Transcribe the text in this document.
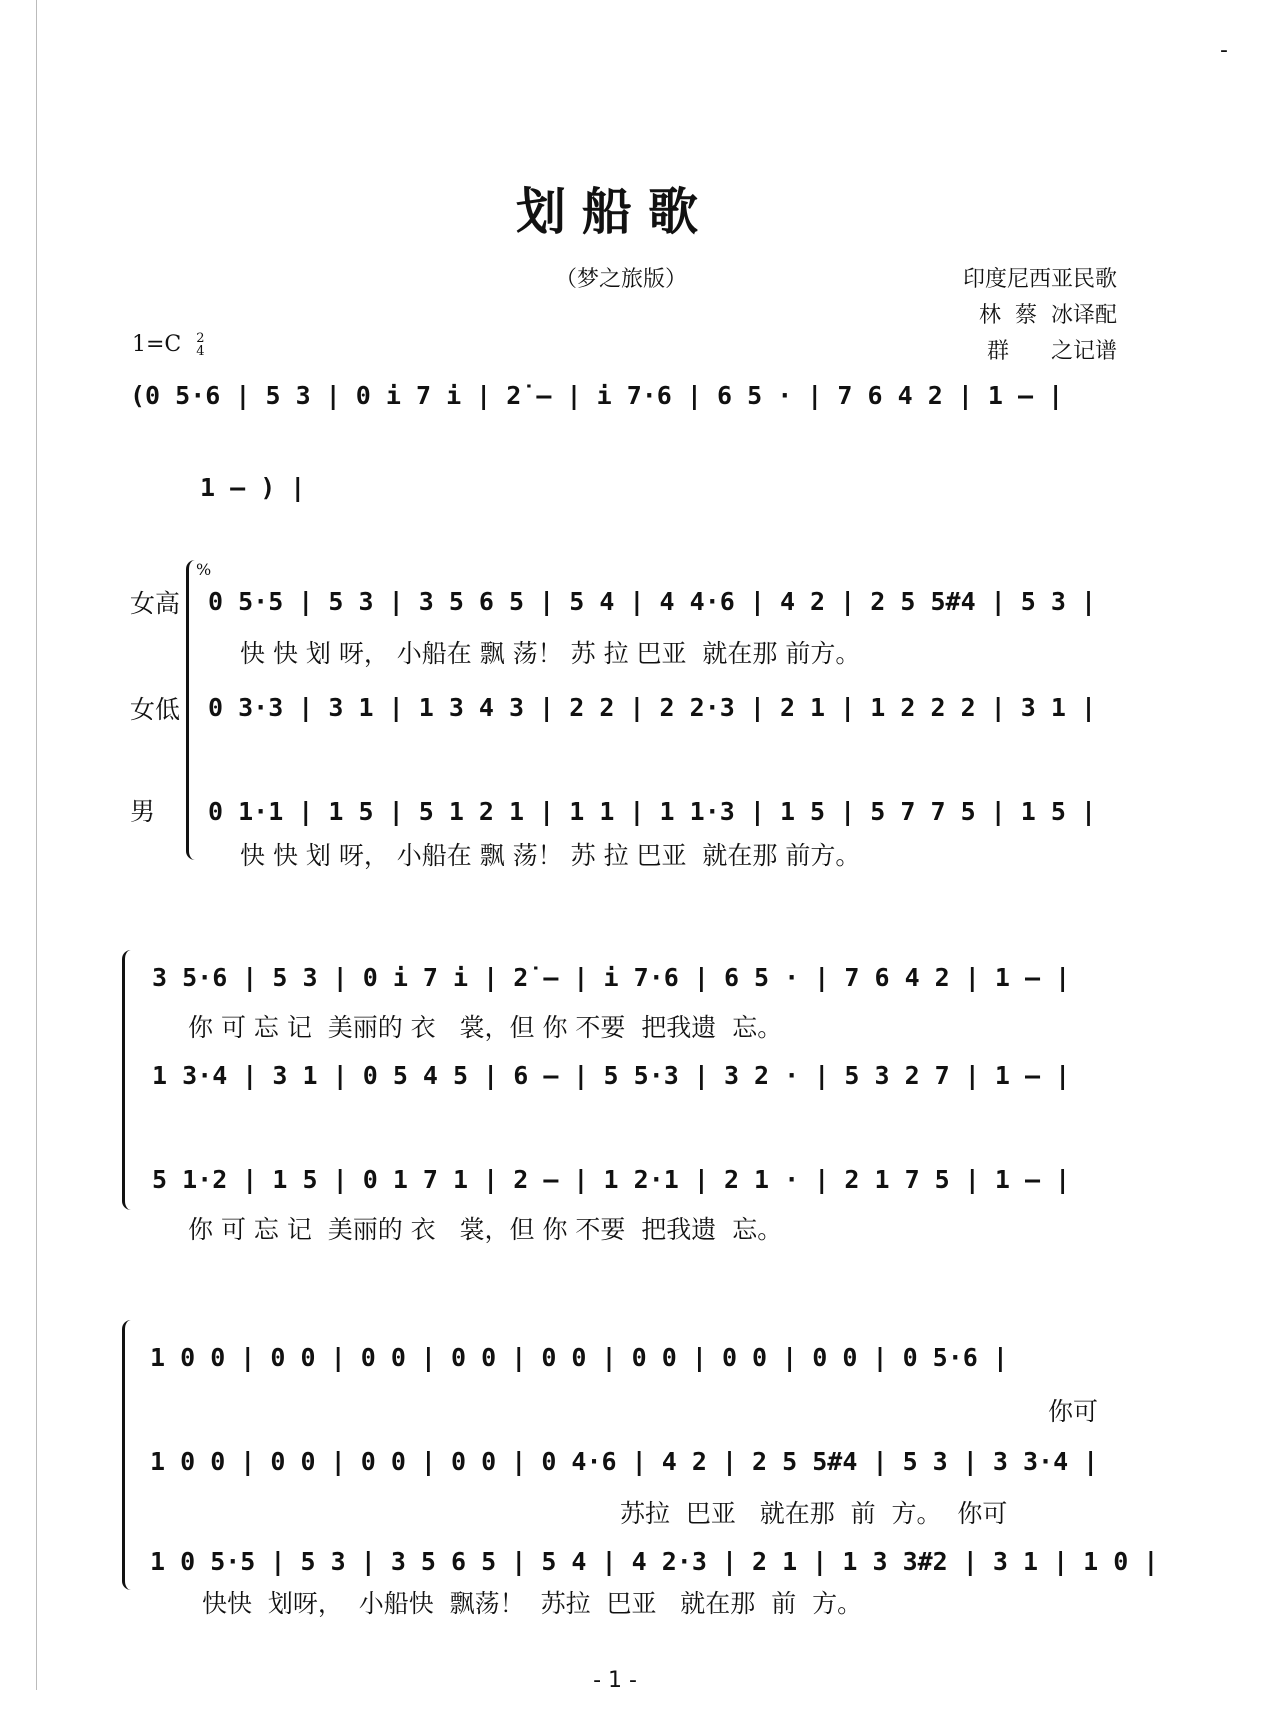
-
划船歌
（梦之旅版）	印度尼西亚民歌
林  蔡  冰译配
群      之记谱
1=C 2
4

(0 5·6 | 5 3 | 0 i 7 i | 2̇ – | i 7·6 | 6 5 · | 7 6 4 2 | 1 – |

1 – ) |

%
女高

0 5·5 | 5 3 | 3 5 6 5 | 5 4 | 4 4·6 | 4 2 | 2 5 5#4 | 5 3 |

快 快 划 呀， 小船在 飘 荡！ 苏 拉 巴亚  就在那 前方。

女低

0 3·3 | 3 1 | 1 3 4 3 | 2 2 | 2 2·3 | 2 1 | 1 2 2 2 | 3 1 |

男

0 1·1 | 1 5 | 5 1 2 1 | 1 1 | 1 1·3 | 1 5 | 5 7 7 5 | 1 5 |

快 快 划 呀， 小船在 飘 荡！ 苏 拉 巴亚  就在那 前方。

3 5·6 | 5 3 | 0 i 7 i | 2̇ – | i 7·6 | 6 5 · | 7 6 4 2 | 1 – |

你 可 忘 记  美丽的 衣   裳，但 你 不要  把我遗  忘。

1 3·4 | 3 1 | 0 5 4 5 | 6 – | 5 5·3 | 3 2 · | 5 3 2 7 | 1 – |

5 1·2 | 1 5 | 0 1 7 1 | 2 – | 1 2·1 | 2 1 · | 2 1 7 5 | 1 – |

你 可 忘 记  美丽的 衣   裳，但 你 不要  把我遗  忘。

1 0 0 | 0 0 | 0 0 | 0 0 | 0 0 | 0 0 | 0 0 | 0 0 | 0 5·6 |

你可

1 0 0 | 0 0 | 0 0 | 0 0 | 0 4·6 | 4 2 | 2 5 5#4 | 5 3 | 3 3·4 |

苏拉  巴亚   就在那  前  方。  你可

1 0 5·5 | 5 3 | 3 5 6 5 | 5 4 | 4 2·3 | 2 1 | 1 3 3#2 | 3 1 | 1 0 |

快快  划呀，  小船快  飘荡！  苏拉  巴亚   就在那  前  方。

- 1 -
